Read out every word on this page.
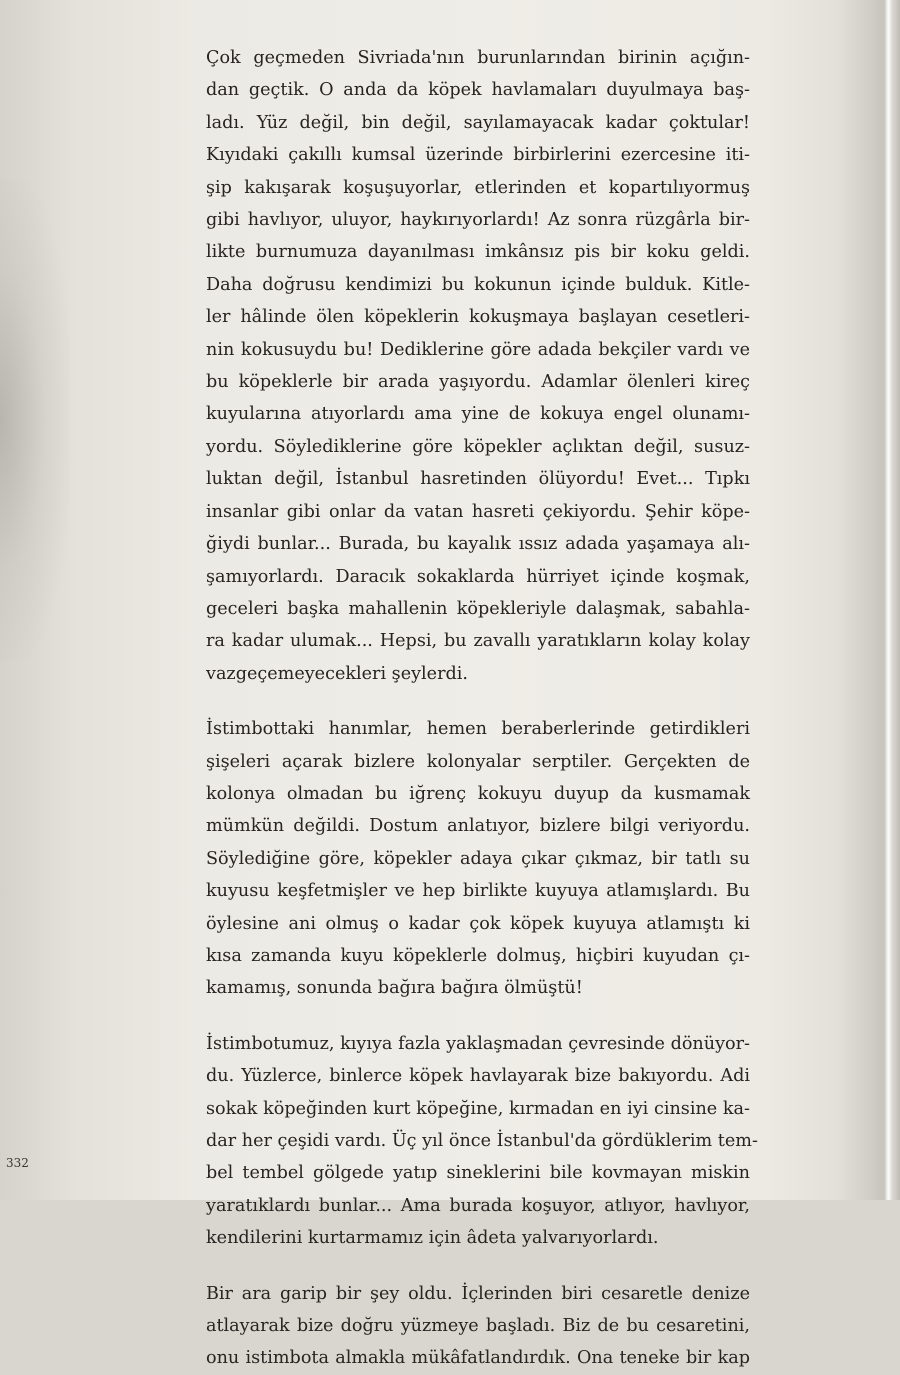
Çok geçmeden Sivriada'nın burunlarından birinin açığın-
dan geçtik. O anda da köpek havlamaları duyulmaya baş-
ladı. Yüz değil, bin değil, sayılamayacak kadar çoktular!
Kıyıdaki çakıllı kumsal üzerinde birbirlerini ezercesine iti-
şip kakışarak koşuşuyorlar, etlerinden et kopartılıyormuş
gibi havlıyor, uluyor, haykırıyorlardı! Az sonra rüzgârla bir-
likte burnumuza dayanılması imkânsız pis bir koku geldi.
Daha doğrusu kendimizi bu kokunun içinde bulduk. Kitle-
ler hâlinde ölen köpeklerin kokuşmaya başlayan cesetleri-
nin kokusuydu bu! Dediklerine göre adada bekçiler vardı ve
bu köpeklerle bir arada yaşıyordu. Adamlar ölenleri kireç
kuyularına atıyorlardı ama yine de kokuya engel olunamı-
yordu. Söylediklerine göre köpekler açlıktan değil, susuz-
luktan değil, İstanbul hasretinden ölüyordu! Evet... Tıpkı
insanlar gibi onlar da vatan hasreti çekiyordu. Şehir köpe-
ğiydi bunlar... Burada, bu kayalık ıssız adada yaşamaya alı-
şamıyorlardı. Daracık sokaklarda hürriyet içinde koşmak,
geceleri başka mahallenin köpekleriyle dalaşmak, sabahla-
ra kadar ulumak... Hepsi, bu zavallı yaratıkların kolay kolay
vazgeçemeyecekleri şeylerdi.
İstimbottaki hanımlar, hemen beraberlerinde getirdikleri
şişeleri açarak bizlere kolonyalar serptiler. Gerçekten de
kolonya olmadan bu iğrenç kokuyu duyup da kusmamak
mümkün değildi. Dostum anlatıyor, bizlere bilgi veriyordu.
Söylediğine göre, köpekler adaya çıkar çıkmaz, bir tatlı su
kuyusu keşfetmişler ve hep birlikte kuyuya atlamışlardı. Bu
öylesine ani olmuş o kadar çok köpek kuyuya atlamıştı ki
kısa zamanda kuyu köpeklerle dolmuş, hiçbiri kuyudan çı-
kamamış, sonunda bağıra bağıra ölmüştü!
İstimbotumuz, kıyıya fazla yaklaşmadan çevresinde dönüyor-
du. Yüzlerce, binlerce köpek havlayarak bize bakıyordu. Adi
sokak köpeğinden kurt köpeğine, kırmadan en iyi cinsine ka-
dar her çeşidi vardı. Üç yıl önce İstanbul'da gördüklerim tem-
bel tembel gölgede yatıp sineklerini bile kovmayan miskin
yaratıklardı bunlar... Ama burada koşuyor, atlıyor, havlıyor,
kendilerini kurtarmamız için âdeta yalvarıyorlardı.
Bir ara garip bir şey oldu. İçlerinden biri cesaretle denize
atlayarak bize doğru yüzmeye başladı. Biz de bu cesaretini,
onu istimbota almakla mükâfatlandırdık. Ona teneke bir kap
332
